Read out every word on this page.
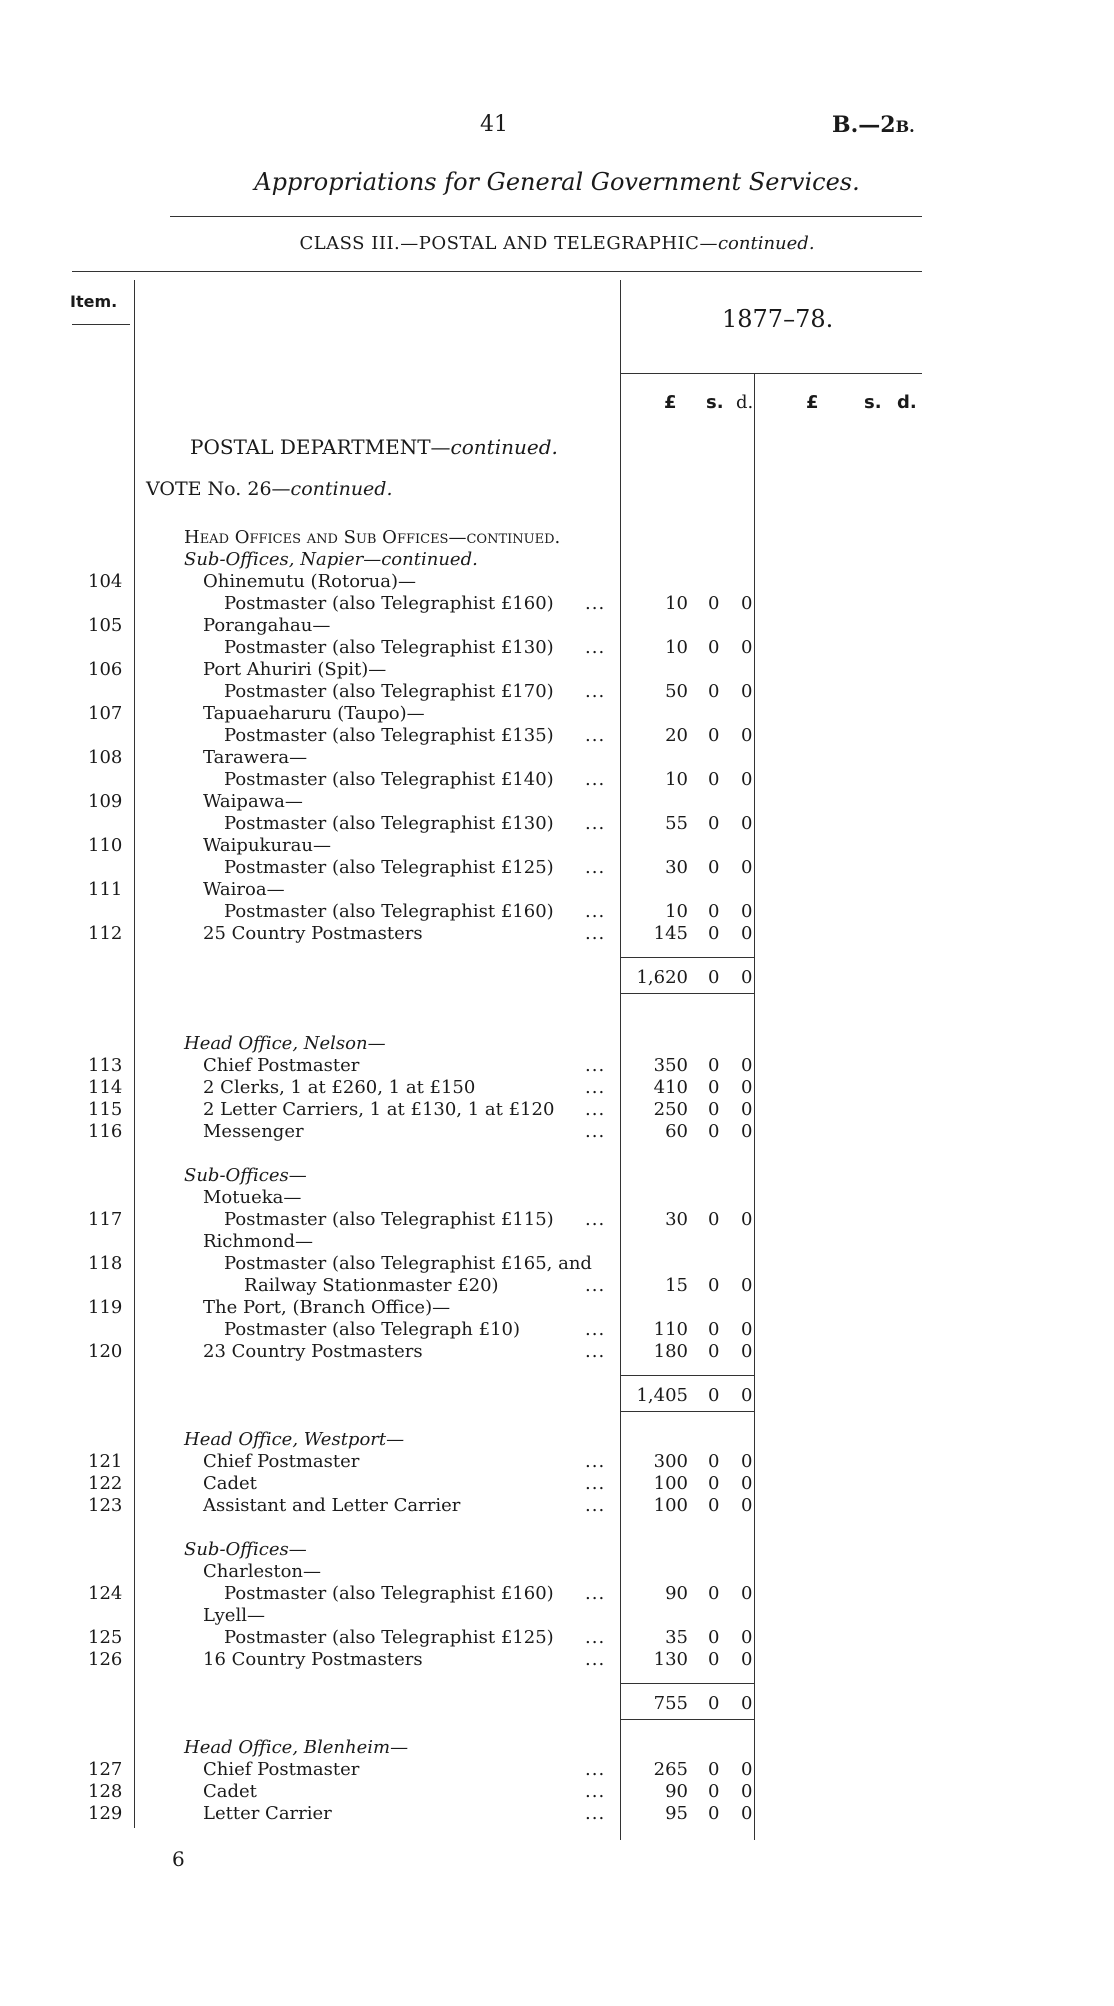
41	B.—2B.
Appropriations for General Government Services.
CLASS III.—POSTAL AND TELEGRAPHIC—continued.
Item.
1877–78.
£ s. d.	£	s. d.
POSTAL DEPARTMENT—continued.
VOTE No. 26—continued.
Head Offices and Sub Offices—continued.
Sub-Offices, Napier—continued.
104	Ohinemutu (Rotorua)—
Postmaster (also Telegraphist £160) ...	10 0 0
105	Porangahau—
Postmaster (also Telegraphist £130) ...	10 0 0
106	Port Ahuriri (Spit)—
Postmaster (also Telegraphist £170) ...	50 0 0
107	Tapuaeharuru (Taupo)—
Postmaster (also Telegraphist £135) ...	20 0 0
108	Tarawera—
Postmaster (also Telegraphist £140) ...	10 0 0
109	Waipawa—
Postmaster (also Telegraphist £130) ...	55 0 0
110	Waipukurau—
Postmaster (also Telegraphist £125) ...	30 0 0
111	Wairoa—
Postmaster (also Telegraphist £160) ...	10 0 0
112	25 Country Postmasters	...	145 0 0
1,620 0 0
Head Office, Nelson—
113	Chief Postmaster	...	350 0 0
114	2 Clerks, 1 at £260, 1 at £150	...	410 0 0
115	2 Letter Carriers, 1 at £130, 1 at £120 ...	250 0 0
116	Messenger	...	60 0 0
Sub-Offices—
Motueka—
117	Postmaster (also Telegraphist £115) ...	30 0 0
Richmond—
118	Postmaster (also Telegraphist £165, and
Railway Stationmaster £20)	...	15 0 0
119	The Port, (Branch Office)—
Postmaster (also Telegraph £10)	...	110 0 0
120	23 Country Postmasters	...	180 0 0
1,405 0 0
Head Office, Westport—
121	Chief Postmaster	...	300 0 0
122	Cadet	...	100 0 0
123	Assistant and Letter Carrier	...	100 0 0
Sub-Offices—
Charleston—
124	Postmaster (also Telegraphist £160) ...	90 0 0
Lyell—
125	Postmaster (also Telegraphist £125) ...	35 0 0
126	16 Country Postmasters	...	130 0 0
755 0 0
Head Office, Blenheim—
127	Chief Postmaster	...	265 0 0
128	Cadet	...	90 0 0
129	Letter Carrier	...	95 0 0
6
